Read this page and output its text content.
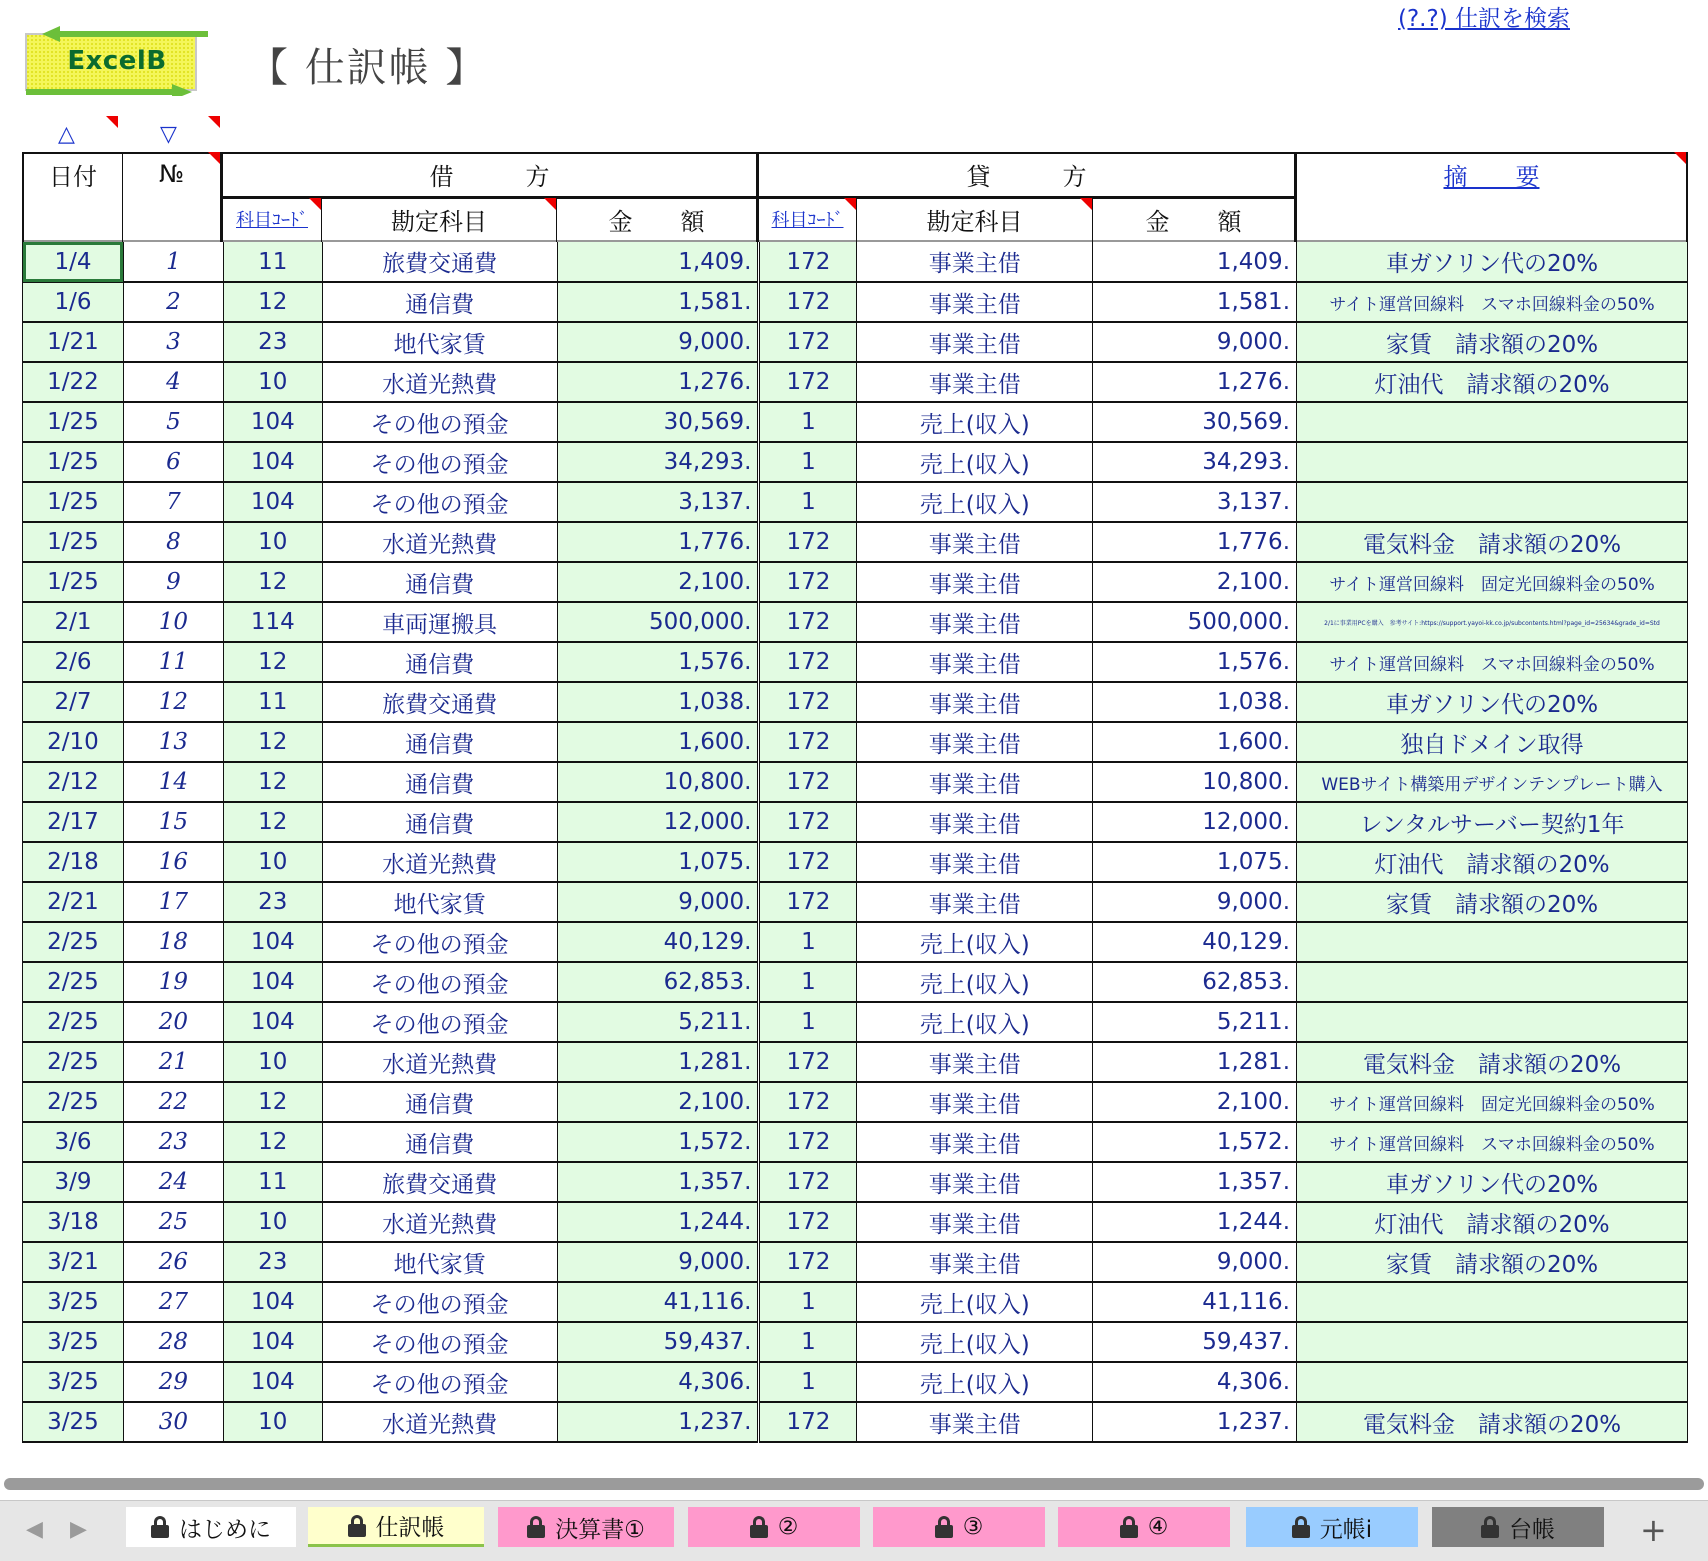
ExcelB	【 仕訳帳 】
(?.?) 仕訳を検索
△	▽
日付	№	借　　　方	貸　　　方	摘　　要
科目ｺｰﾄﾞ	勘定科目	金　　額	科目ｺｰﾄﾞ	勘定科目	金　　額
1/4	1	11	旅費交通費	1,409.	172	事業主借	1,409.	車ガソリン代の20%
1/6	2	12	通信費	1,581.	172	事業主借	1,581.	サイト運営回線料　スマホ回線料金の50%
1/21	3	23	地代家賃	9,000.	172	事業主借	9,000.	家賃　請求額の20%
1/22	4	10	水道光熱費	1,276.	172	事業主借	1,276.	灯油代　請求額の20%
1/25	5	104	その他の預金	30,569.	1	売上(収入)	30,569.	
1/25	6	104	その他の預金	34,293.	1	売上(収入)	34,293.	
1/25	7	104	その他の預金	3,137.	1	売上(収入)	3,137.	
1/25	8	10	水道光熱費	1,776.	172	事業主借	1,776.	電気料金　請求額の20%
1/25	9	12	通信費	2,100.	172	事業主借	2,100.	サイト運営回線料　固定光回線料金の50%
2/1	10	114	車両運搬具	500,000.	172	事業主借	500,000.	2/1に事業用PCを購入　参考サイト:https://support.yayoi-kk.co.jp/subcontents.html?page_id=25634&grade_id=Std
2/6	11	12	通信費	1,576.	172	事業主借	1,576.	サイト運営回線料　スマホ回線料金の50%
2/7	12	11	旅費交通費	1,038.	172	事業主借	1,038.	車ガソリン代の20%
2/10	13	12	通信費	1,600.	172	事業主借	1,600.	独自ドメイン取得
2/12	14	12	通信費	10,800.	172	事業主借	10,800.	WEBサイト構築用デザインテンプレート購入
2/17	15	12	通信費	12,000.	172	事業主借	12,000.	レンタルサーバー契約1年
2/18	16	10	水道光熱費	1,075.	172	事業主借	1,075.	灯油代　請求額の20%
2/21	17	23	地代家賃	9,000.	172	事業主借	9,000.	家賃　請求額の20%
2/25	18	104	その他の預金	40,129.	1	売上(収入)	40,129.	
2/25	19	104	その他の預金	62,853.	1	売上(収入)	62,853.	
2/25	20	104	その他の預金	5,211.	1	売上(収入)	5,211.	
2/25	21	10	水道光熱費	1,281.	172	事業主借	1,281.	電気料金　請求額の20%
2/25	22	12	通信費	2,100.	172	事業主借	2,100.	サイト運営回線料　固定光回線料金の50%
3/6	23	12	通信費	1,572.	172	事業主借	1,572.	サイト運営回線料　スマホ回線料金の50%
3/9	24	11	旅費交通費	1,357.	172	事業主借	1,357.	車ガソリン代の20%
3/18	25	10	水道光熱費	1,244.	172	事業主借	1,244.	灯油代　請求額の20%
3/21	26	23	地代家賃	9,000.	172	事業主借	9,000.	家賃　請求額の20%
3/25	27	104	その他の預金	41,116.	1	売上(収入)	41,116.	
3/25	28	104	その他の預金	59,437.	1	売上(収入)	59,437.	
3/25	29	104	その他の預金	4,306.	1	売上(収入)	4,306.	
3/25	30	10	水道光熱費	1,237.	172	事業主借	1,237.	電気料金　請求額の20%
◀ ▶	はじめに	仕訳帳	決算書①	②	③	④	元帳i	台帳	+
